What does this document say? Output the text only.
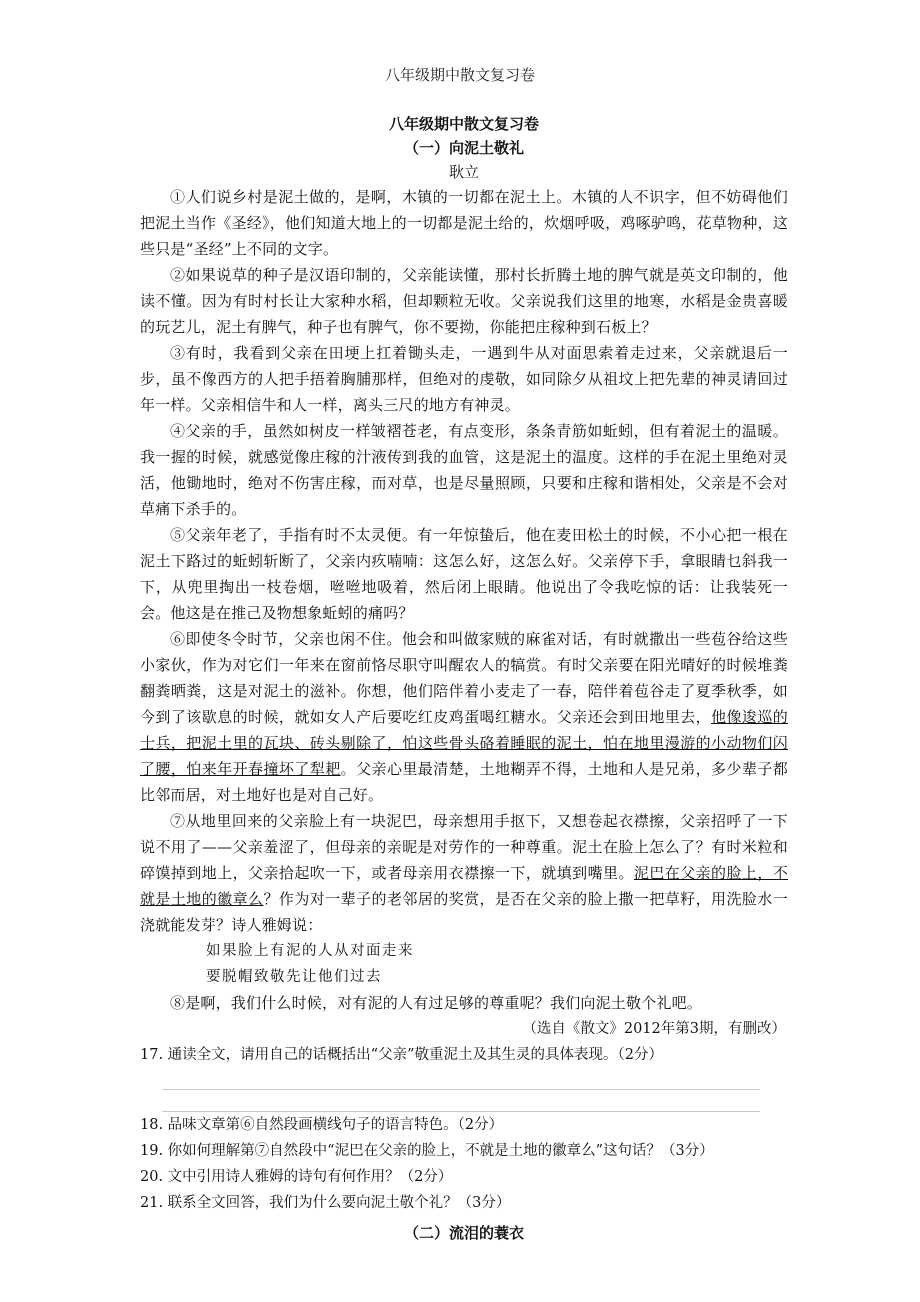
八年级期中散文复习卷

八年级期中散文复习卷

（一）向泥土敬礼

耿立

①人们说乡村是泥土做的，是啊，木镇的一切都在泥土上。木镇的人不识字，但不妨碍他们把泥土当作《圣经》，他们知道大地上的一切都是泥土给的，炊烟呼吸，鸡啄驴鸣，花草物种，这些只是“圣经”上不同的文字。

②如果说草的种子是汉语印制的，父亲能读懂，那村长折腾土地的脾气就是英文印制的，他读不懂。因为有时村长让大家种水稻，但却颗粒无收。父亲说我们这里的地寒，水稻是金贵喜暖的玩艺儿，泥土有脾气，种子也有脾气，你不要拗，你能把庄稼种到石板上？

③有时，我看到父亲在田埂上扛着锄头走，一遇到牛从对面思索着走过来，父亲就退后一步，虽不像西方的人把手捂着胸脯那样，但绝对的虔敬，如同除夕从祖坟上把先辈的神灵请回过年一样。父亲相信牛和人一样，离头三尺的地方有神灵。

④父亲的手，虽然如树皮一样皱褶苍老，有点变形，条条青筋如蚯蚓，但有着泥土的温暖。我一握的时候，就感觉像庄稼的汁液传到我的血管，这是泥土的温度。这样的手在泥土里绝对灵活，他锄地时，绝对不伤害庄稼，而对草，也是尽量照顾，只要和庄稼和谐相处，父亲是不会对草痛下杀手的。

⑤父亲年老了，手指有时不太灵便。有一年惊蛰后，他在麦田松土的时候，不小心把一根在泥土下路过的蚯蚓斩断了，父亲内疚喃喃：这怎么好，这怎么好。父亲停下手，拿眼睛乜斜我一下，从兜里掏出一枝卷烟，咝咝地吸着，然后闭上眼睛。他说出了令我吃惊的话：让我装死一会。他这是在推己及物想象蚯蚓的痛吗？

⑥即使冬令时节，父亲也闲不住。他会和叫做家贼的麻雀对话，有时就撒出一些苞谷给这些小家伙，作为对它们一年来在窗前恪尽职守叫醒农人的犒赏。有时父亲要在阳光晴好的时候堆粪翻粪晒粪，这是对泥土的滋补。你想，他们陪伴着小麦走了一春，陪伴着苞谷走了夏季秋季，如今到了该歇息的时候，就如女人产后要吃红皮鸡蛋喝红糖水。父亲还会到田地里去，他像逡巡的士兵，把泥土里的瓦块、砖头剔除了，怕这些骨头硌着睡眠的泥土，怕在地里漫游的小动物们闪了腰，怕来年开春撞坏了犁耙。父亲心里最清楚，土地糊弄不得，土地和人是兄弟，多少辈子都比邻而居，对土地好也是对自己好。

⑦从地里回来的父亲脸上有一块泥巴，母亲想用手抠下，又想卷起衣襟擦，父亲招呼了一下说不用了——父亲羞涩了，但母亲的亲昵是对劳作的一种尊重。泥土在脸上怎么了？有时米粒和碎馍掉到地上，父亲拾起吹一下，或者母亲用衣襟擦一下，就填到嘴里。泥巴在父亲的脸上，不就是土地的徽章么？作为对一辈子的老邻居的奖赏，是否在父亲的脸上撒一把草籽，用洗脸水一浇就能发芽？诗人雅姆说：

如果脸上有泥的人从对面走来

要脱帽致敬先让他们过去

⑧是啊，我们什么时候，对有泥的人有过足够的尊重呢？我们向泥土敬个礼吧。

（选自《散文》2012年第3期，有删改）

17. 通读全文，请用自己的话概括出“父亲”敬重泥土及其生灵的具体表现。（2分）

18. 品味文章第⑥自然段画横线句子的语言特色。（2分）

19. 你如何理解第⑦自然段中“泥巴在父亲的脸上，不就是土地的徽章么”这句话？（3分）

20. 文中引用诗人雅姆的诗句有何作用？（2分）

21. 联系全文回答，我们为什么要向泥土敬个礼？（3分）

（二）流泪的蓑衣
